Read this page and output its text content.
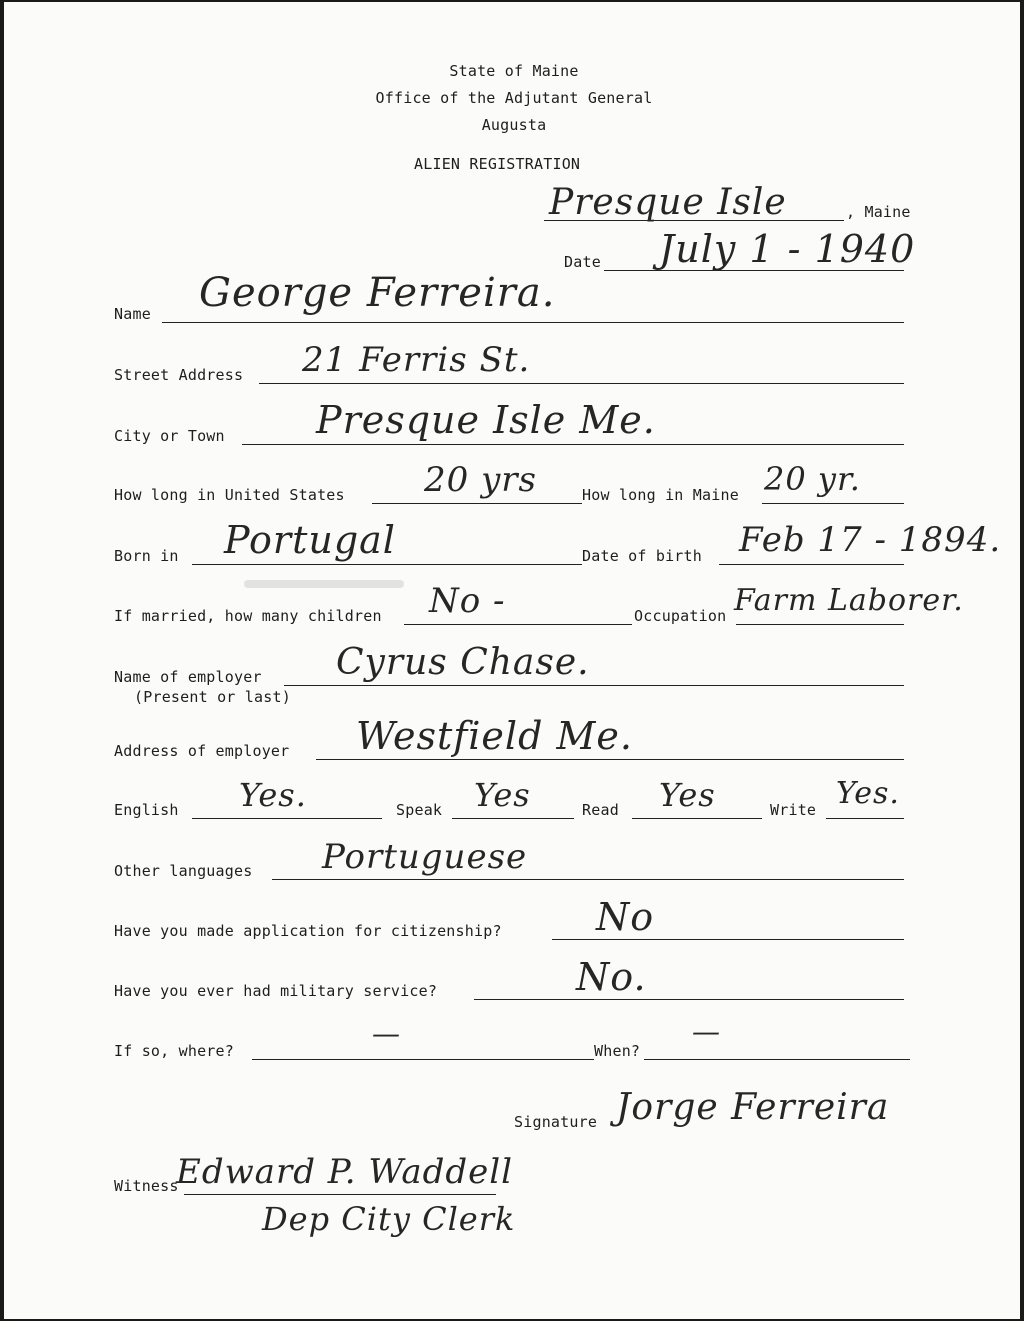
State of Maine
Office of the Adjutant General
Augusta
ALIEN REGISTRATION
Presque Isle	, Maine
Date July 1 - 1940
Name George Ferreira.
Street Address 21 Ferris St.
City or Town Presque Isle Me.
How long in United States 20 yrs	How long in Maine 20 yr.
Born in Portugal	Date of birth Feb 17 - 1894.
If married, how many children No -	Occupation Farm Laborer.
Name of employer
(Present or last)
Cyrus Chase.
Address of employer Westfield Me.
English Yes.	Speak Yes	Read Yes	Write Yes.
Other languages Portuguese
Have you made application for citizenship? No
Have you ever had military service?	No.
If so, where?
—
When?
—
Signature Jorge Ferreira
Witness
Edward P. Waddell
Dep City Clerk
